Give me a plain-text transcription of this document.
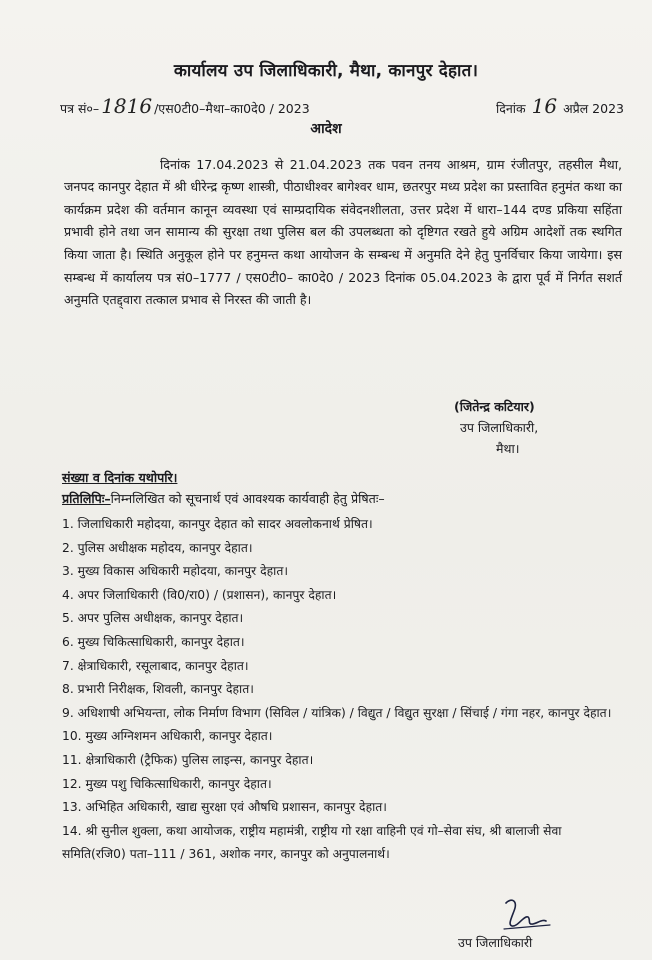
कार्यालय उप जिलाधिकारी, मैथा, कानपुर देहात।
पत्र सं०– 1816 /एस0टी0–मैथा–का0दे0 / 2023	दिनांक 16 अप्रैल 2023
आदेश

दिनांक 17.04.2023 से 21.04.2023 तक पवन तनय आश्रम, ग्राम रंजीतपुर, तहसील मैथा, जनपद कानपुर देहात में श्री धीरेन्द्र कृष्ण शास्त्री, पीठाधीश्वर बागेश्वर धाम, छतरपुर मध्य प्रदेश का प्रस्तावित हनुमंत कथा का कार्यक्रम प्रदेश की वर्तमान कानून व्यवस्था एवं साम्प्रदायिक संवेदनशीलता, उत्तर प्रदेश में धारा–144 दण्ड प्रकिया सहिंता प्रभावी होने तथा जन सामान्य की सुरक्षा तथा पुलिस बल की उपलब्धता को दृष्टिगत रखते हुये अग्रिम आदेशों तक स्थगित किया जाता है। स्थिति अनुकूल होने पर हनुमन्त कथा आयोजन के सम्बन्ध में अनुमति देने हेतु पुनर्विचार किया जायेगा। इस सम्बन्ध में कार्यालय पत्र सं0–1777 / एस0टी0– का0दे0 / 2023 दिनांक 05.04.2023 के द्वारा पूर्व में निर्गत सशर्त अनुमति एतद्द्वारा तत्काल प्रभाव से निरस्त की जाती है।

(जितेन्द्र कटियार)
उप जिलाधिकारी,
मैथा।
संख्या व दिनांक यथोपरि।
प्रतिलिपिः–निम्नलिखित को सूचनार्थ एवं आवश्यक कार्यवाही हेतु प्रेषितः–
1. जिलाधिकारी महोदया, कानपुर देहात को सादर अवलोकनार्थ प्रेषित।
2. पुलिस अधीक्षक महोदय, कानपुर देहात।
3. मुख्य विकास अधिकारी महोदया, कानपुर देहात।
4. अपर जिलाधिकारी (वि0/रा0) / (प्रशासन), कानपुर देहात।
5. अपर पुलिस अधीक्षक, कानपुर देहात।
6. मुख्य चिकित्साधिकारी, कानपुर देहात।
7. क्षेत्राधिकारी, रसूलाबाद, कानपुर देहात।
8. प्रभारी निरीक्षक, शिवली, कानपुर देहात।
9. अधिशाषी अभियन्ता, लोक निर्माण विभाग (सिविल / यांत्रिक) / विद्युत / विद्युत सुरक्षा / सिंचाई / गंगा नहर, कानपुर देहात।
10. मुख्य अग्निशमन अधिकारी, कानपुर देहात।
11. क्षेत्राधिकारी (ट्रैफिक) पुलिस लाइन्स, कानपुर देहात।
12. मुख्य पशु चिकित्साधिकारी, कानपुर देहात।
13. अभिहित अधिकारी, खाद्य सुरक्षा एवं औषधि प्रशासन, कानपुर देहात।
14. श्री सुनील शुक्ला, कथा आयोजक, राष्ट्रीय महामंत्री, राष्ट्रीय गो रक्षा वाहिनी एवं गो–सेवा संघ, श्री बालाजी सेवा समिति(रजि0) पता–111 / 361, अशोक नगर, कानपुर को अनुपालनार्थ।
उप जिलाधिकारी
